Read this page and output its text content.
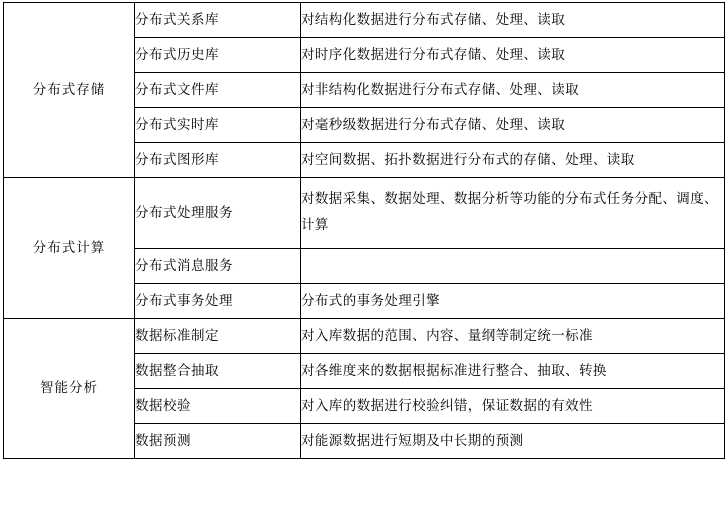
分布式存储	分布式关系库	对结构化数据进行分布式存储、处理、读取
	分布式历史库	对时序化数据进行分布式存储、处理、读取
	分布式文件库	对非结构化数据进行分布式存储、处理、读取
	分布式实时库	对毫秒级数据进行分布式存储、处理、读取
	分布式图形库	对空间数据、拓扑数据进行分布式的存储、处理、读取
分布式计算	分布式处理服务	对数据采集、数据处理、数据分析等功能的分布式任务分配、调度、计算

	分布式消息服务	
	分布式事务处理	分布式的事务处理引擎
智能分析	数据标准制定	对入库数据的范围、内容、量纲等制定统一标准
	数据整合抽取	对各维度来的数据根据标准进行整合、抽取、转换
	数据校验	对入库的数据进行校验纠错，保证数据的有效性
	数据预测	对能源数据进行短期及中长期的预测
